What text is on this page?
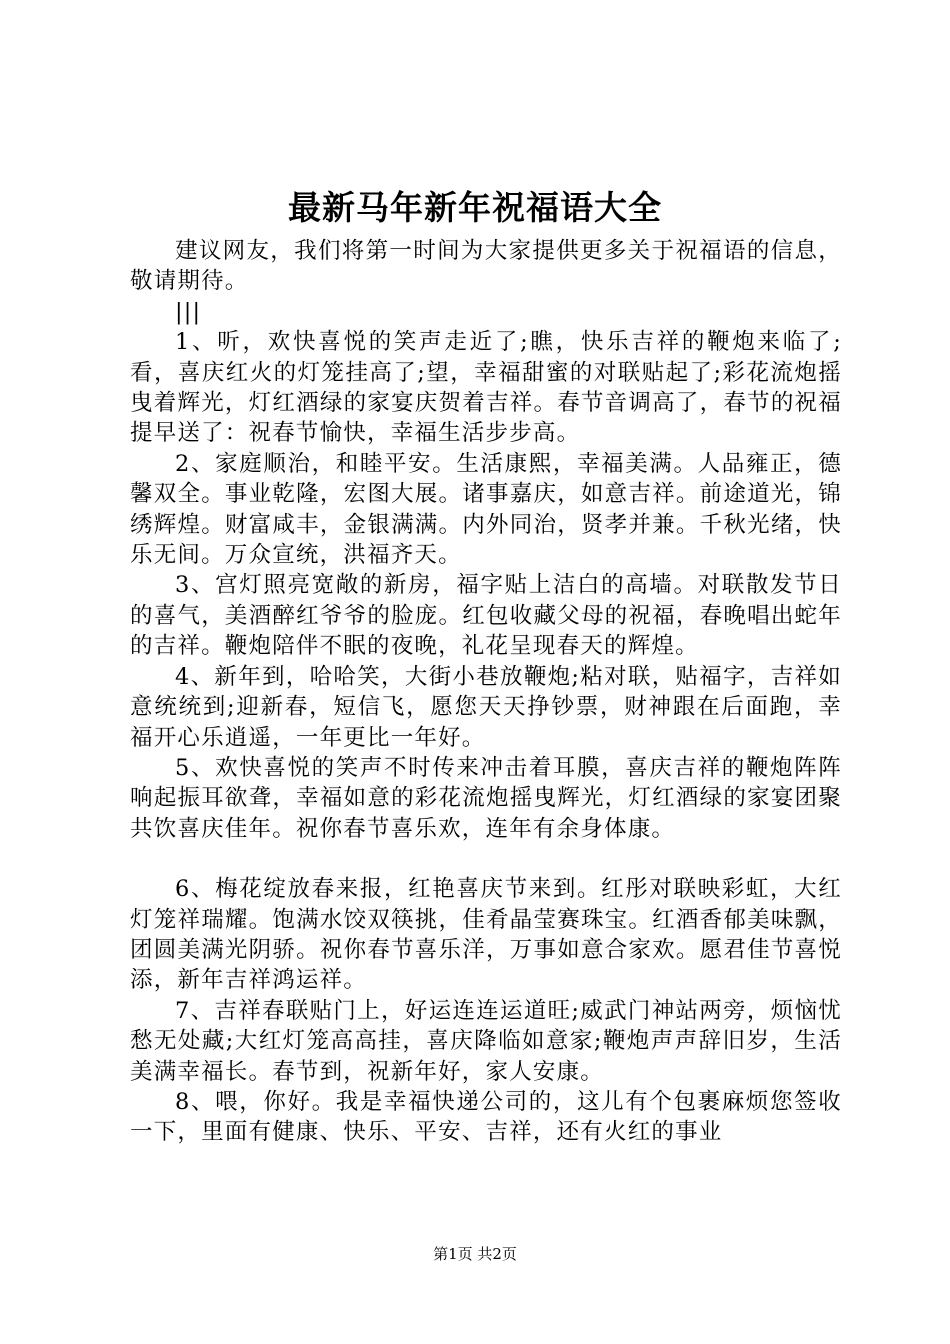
最新马年新年祝福语大全

建议网友，我们将第一时间为大家提供更多关于祝福语的信息，敬请期待。

|||

1、听，欢快喜悦的笑声走近了;瞧，快乐吉祥的鞭炮来临了;看，喜庆红火的灯笼挂高了;望，幸福甜蜜的对联贴起了;彩花流炮摇曳着辉光，灯红酒绿的家宴庆贺着吉祥。春节音调高了，春节的祝福提早送了：祝春节愉快，幸福生活步步高。

2、家庭顺治，和睦平安。生活康熙，幸福美满。人品雍正，德馨双全。事业乾隆，宏图大展。诸事嘉庆，如意吉祥。前途道光，锦绣辉煌。财富咸丰，金银满满。内外同治，贤孝并兼。千秋光绪，快乐无间。万众宣统，洪福齐天。

3、宫灯照亮宽敞的新房，福字贴上洁白的高墙。对联散发节日的喜气，美酒醉红爷爷的脸庞。红包收藏父母的祝福，春晚唱出蛇年的吉祥。鞭炮陪伴不眠的夜晚，礼花呈现春天的辉煌。

4、新年到，哈哈笑，大街小巷放鞭炮;粘对联，贴福字，吉祥如意统统到;迎新春，短信飞，愿您天天挣钞票，财神跟在后面跑，幸福开心乐逍遥，一年更比一年好。

5、欢快喜悦的笑声不时传来冲击着耳膜，喜庆吉祥的鞭炮阵阵响起振耳欲聋，幸福如意的彩花流炮摇曳辉光，灯红酒绿的家宴团聚共饮喜庆佳年。祝你春节喜乐欢，连年有余身体康。

6、梅花绽放春来报，红艳喜庆节来到。红彤对联映彩虹，大红灯笼祥瑞耀。饱满水饺双筷挑，佳肴晶莹赛珠宝。红酒香郁美味飘，团圆美满光阴骄。祝你春节喜乐洋，万事如意合家欢。愿君佳节喜悦添，新年吉祥鸿运祥。

7、吉祥春联贴门上，好运连连运道旺;威武门神站两旁，烦恼忧愁无处藏;大红灯笼高高挂，喜庆降临如意家;鞭炮声声辞旧岁，生活美满幸福长。春节到，祝新年好，家人安康。

8、喂，你好。我是幸福快递公司的，这儿有个包裹麻烦您签收一下，里面有健康、快乐、平安、吉祥，还有火红的事业

第1页 共2页
